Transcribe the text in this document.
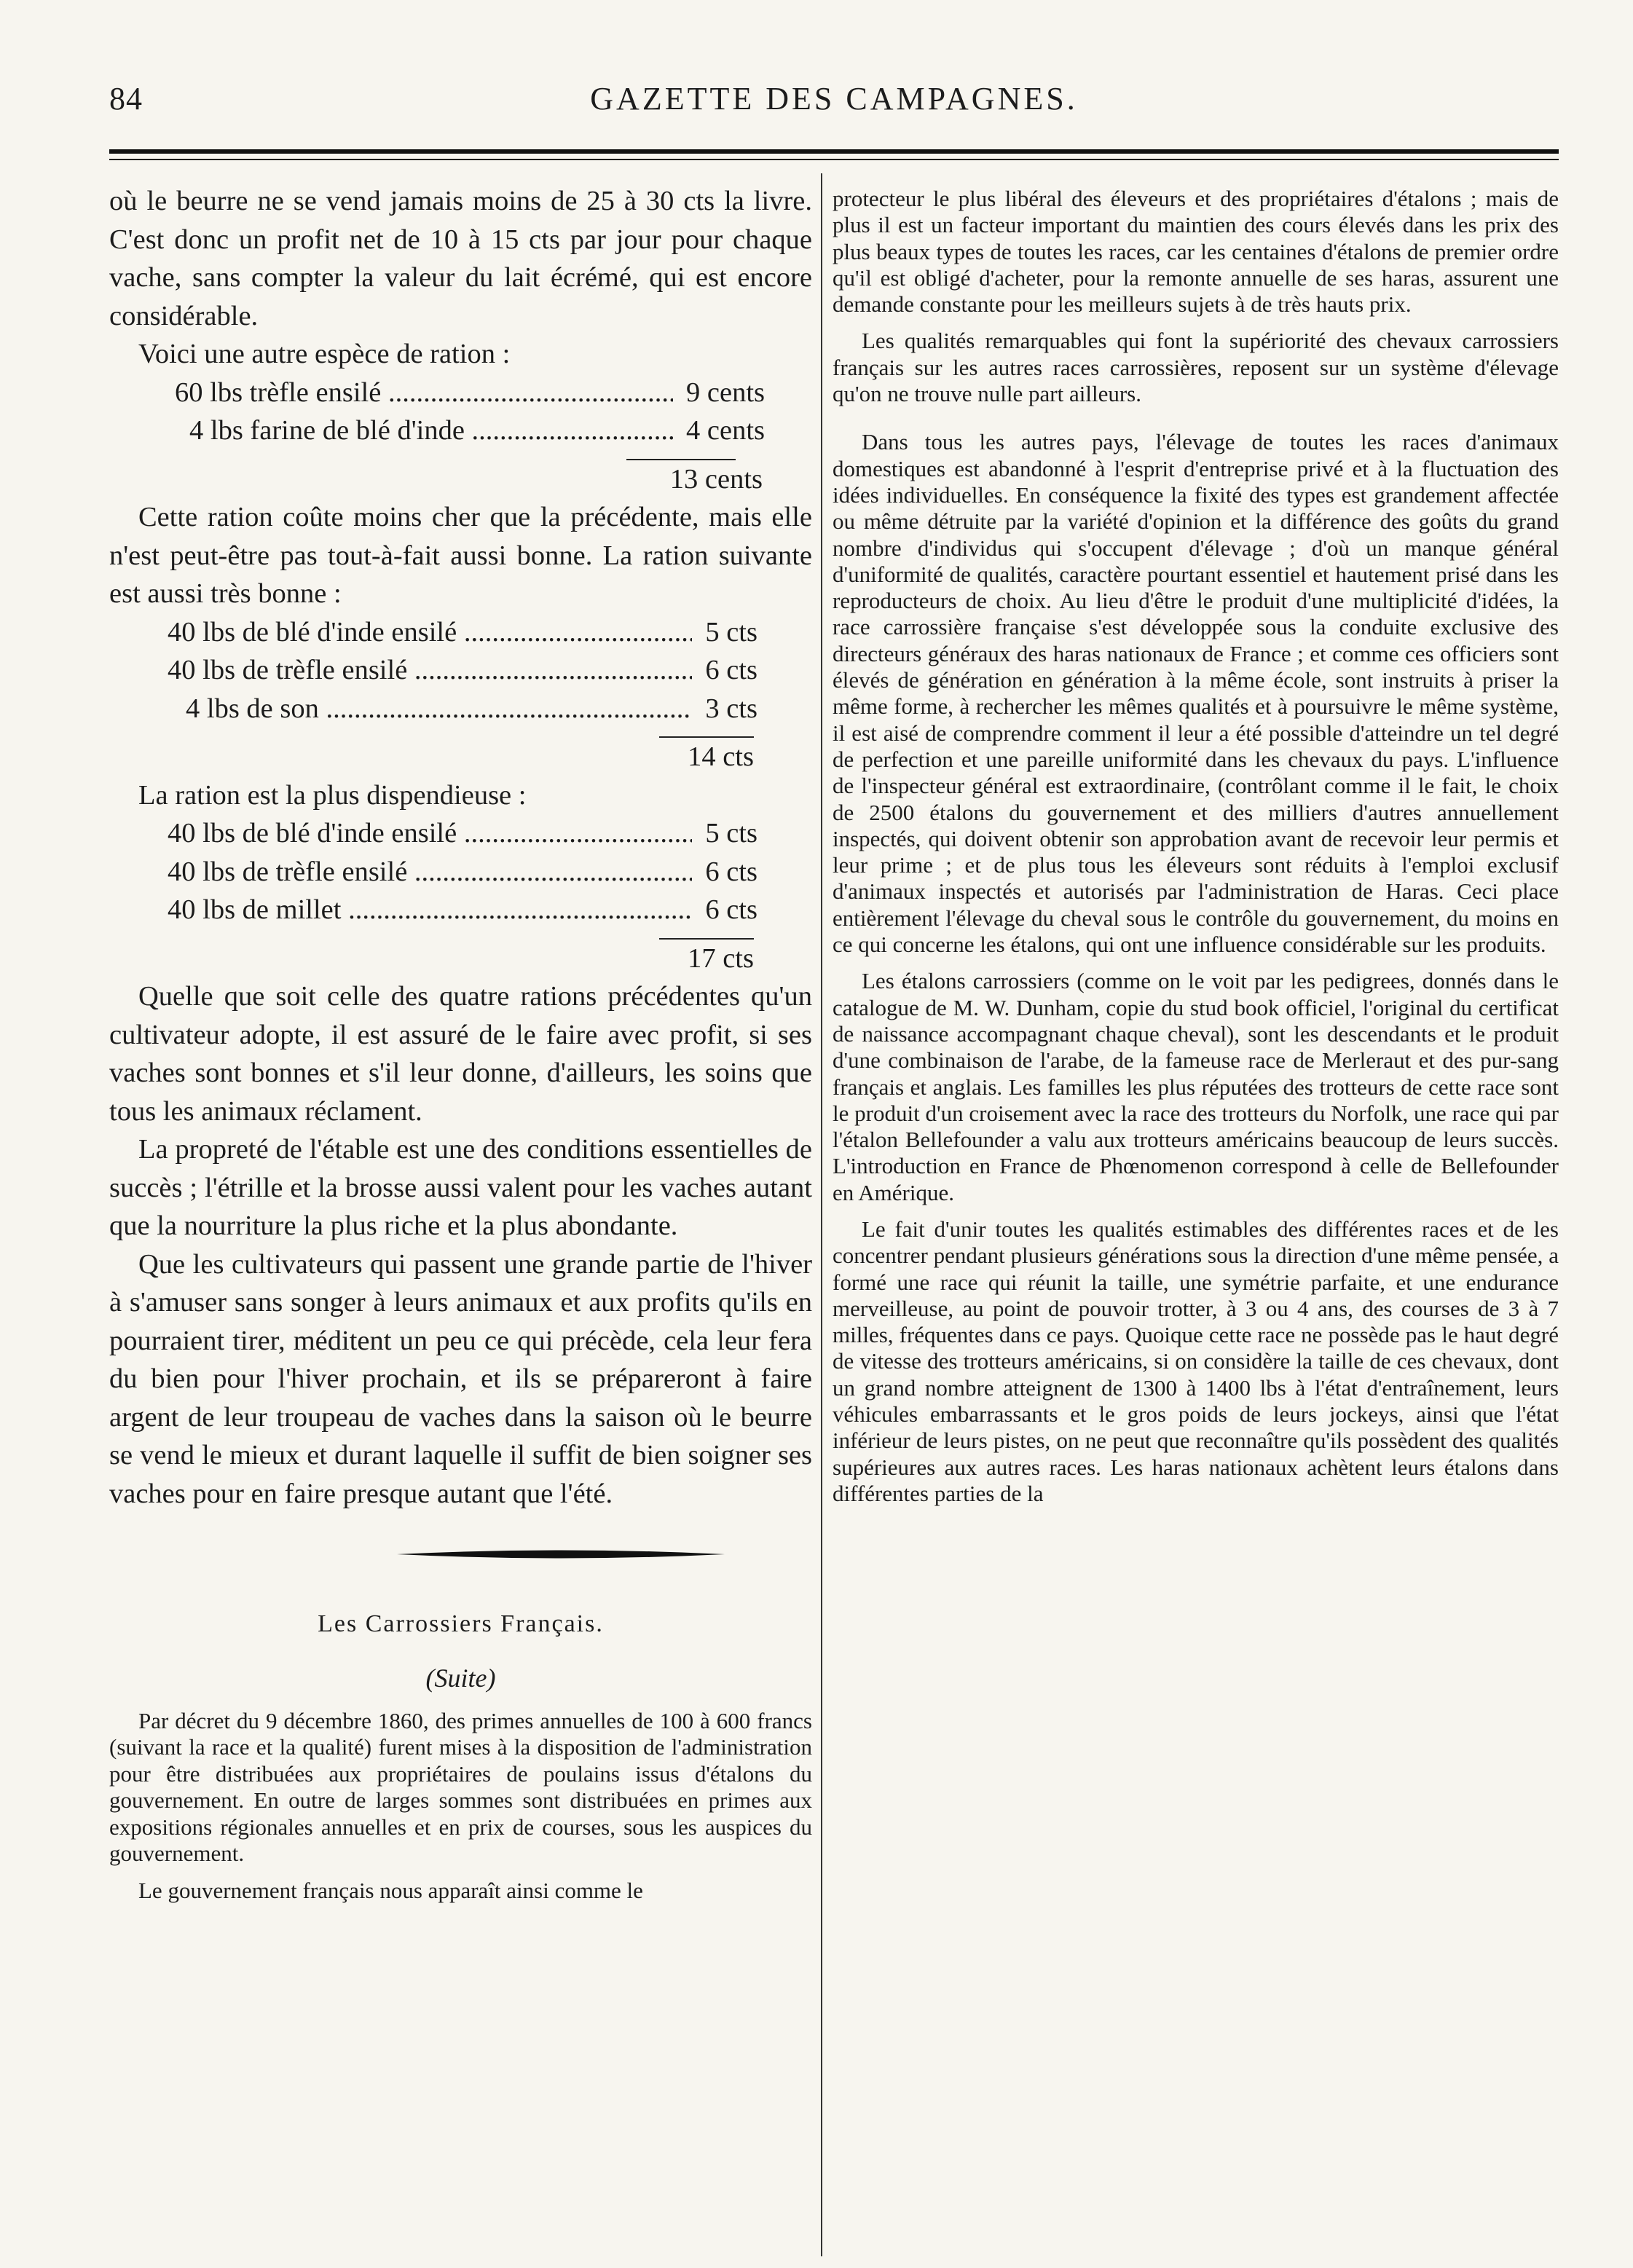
84	GAZETTE DES CAMPAGNES.

où le beurre ne se vend jamais moins de 25 à 30 cts la livre. C'est donc un profit net de 10 à 15 cts par jour pour chaque vache, sans compter la valeur du lait écrémé, qui est encore considérable.

Voici une autre espèce de ration :

60 lbs trèfle ensilé .....	9 cents
4 lbs farine de blé d'inde .....	4 cents
13 cents

Cette ration coûte moins cher que la précédente, mais elle n'est peut-être pas tout-à-fait aussi bonne. La ration suivante est aussi très bonne :

40 lbs de blé d'inde ensilé .....	5 cts
40 lbs de trèfle ensilé .....	6 cts
4 lbs de son .....	3 cts
14 cts

La ration est la plus dispendieuse :

40 lbs de blé d'inde ensilé .....	5 cts
40 lbs de trèfle ensilé .....	6 cts
40 lbs de millet .....	6 cts
17 cts

Quelle que soit celle des quatre rations précédentes qu'un cultivateur adopte, il est assuré de le faire avec profit, si ses vaches sont bonnes et s'il leur donne, d'ailleurs, les soins que tous les animaux réclament.

La propreté de l'étable est une des conditions essentielles de succès ; l'étrille et la brosse aussi valent pour les vaches autant que la nourriture la plus riche et la plus abondante.

Que les cultivateurs qui passent une grande partie de l'hiver à s'amuser sans songer à leurs animaux et aux profits qu'ils en pourraient tirer, méditent un peu ce qui précède, cela leur fera du bien pour l'hiver prochain, et ils se prépareront à faire argent de leur troupeau de vaches dans la saison où le beurre se vend le mieux et durant laquelle il suffit de bien soigner ses vaches pour en faire presque autant que l'été.

Les Carrossiers Français.
(Suite)

Par décret du 9 décembre 1860, des primes annuelles de 100 à 600 francs (suivant la race et la qualité) furent mises à la disposition de l'administration pour être distribuées aux propriétaires de poulains issus d'étalons du gouvernement. En outre de larges sommes sont distribuées en primes aux expositions régionales annuelles et en prix de courses, sous les auspices du gouvernement.

Le gouvernement français nous apparaît ainsi comme le

protecteur le plus libéral des éleveurs et des propriétaires d'étalons ; mais de plus il est un facteur important du maintien des cours élevés dans les prix des plus beaux types de toutes les races, car les centaines d'étalons de premier ordre qu'il est obligé d'acheter, pour la remonte annuelle de ses haras, assurent une demande constante pour les meilleurs sujets à de très hauts prix.

Les qualités remarquables qui font la supériorité des chevaux carrossiers français sur les autres races carrossières, reposent sur un système d'élevage qu'on ne trouve nulle part ailleurs.

Dans tous les autres pays, l'élevage de toutes les races d'animaux domestiques est abandonné à l'esprit d'entreprise privé et à la fluctuation des idées individuelles. En conséquence la fixité des types est grandement affectée ou même détruite par la variété d'opinion et la différence des goûts du grand nombre d'individus qui s'occupent d'élevage ; d'où un manque général d'uniformité de qualités, caractère pourtant essentiel et hautement prisé dans les reproducteurs de choix. Au lieu d'être le produit d'une multiplicité d'idées, la race carrossière française s'est développée sous la conduite exclusive des directeurs généraux des haras nationaux de France ; et comme ces officiers sont élevés de génération en génération à la même école, sont instruits à priser la même forme, à rechercher les mêmes qualités et à poursuivre le même système, il est aisé de comprendre comment il leur a été possible d'atteindre un tel degré de perfection et une pareille uniformité dans les chevaux du pays. L'influence de l'inspecteur général est extraordinaire, (contrôlant comme il le fait, le choix de 2500 étalons du gouvernement et des milliers d'autres annuellement inspectés, qui doivent obtenir son approbation avant de recevoir leur permis et leur prime ; et de plus tous les éleveurs sont réduits à l'emploi exclusif d'animaux inspectés et autorisés par l'administration de Haras. Ceci place entièrement l'élevage du cheval sous le contrôle du gouvernement, du moins en ce qui concerne les étalons, qui ont une influence considérable sur les produits.

Les étalons carrossiers (comme on le voit par les pedigrees, donnés dans le catalogue de M. W. Dunham, copie du stud book officiel, l'original du certificat de naissance accompagnant chaque cheval), sont les descendants et le produit d'une combinaison de l'arabe, de la fameuse race de Merleraut et des pur-sang français et anglais. Les familles les plus réputées des trotteurs de cette race sont le produit d'un croisement avec la race des trotteurs du Norfolk, une race qui par l'étalon Bellefounder a valu aux trotteurs américains beaucoup de leurs succès. L'introduction en France de Phœnomenon correspond à celle de Bellefounder en Amérique.

Le fait d'unir toutes les qualités estimables des différentes races et de les concentrer pendant plusieurs générations sous la direction d'une même pensée, a formé une race qui réunit la taille, une symétrie parfaite, et une endurance merveilleuse, au point de pouvoir trotter, à 3 ou 4 ans, des courses de 3 à 7 milles, fréquentes dans ce pays. Quoique cette race ne possède pas le haut degré de vitesse des trotteurs américains, si on considère la taille de ces chevaux, dont un grand nombre atteignent de 1300 à 1400 lbs à l'état d'entraînement, leurs véhicules embarrassants et le gros poids de leurs jockeys, ainsi que l'état inférieur de leurs pistes, on ne peut que reconnaître qu'ils possèdent des qualités supérieures aux autres races. Les haras nationaux achètent leurs étalons dans différentes parties de la
